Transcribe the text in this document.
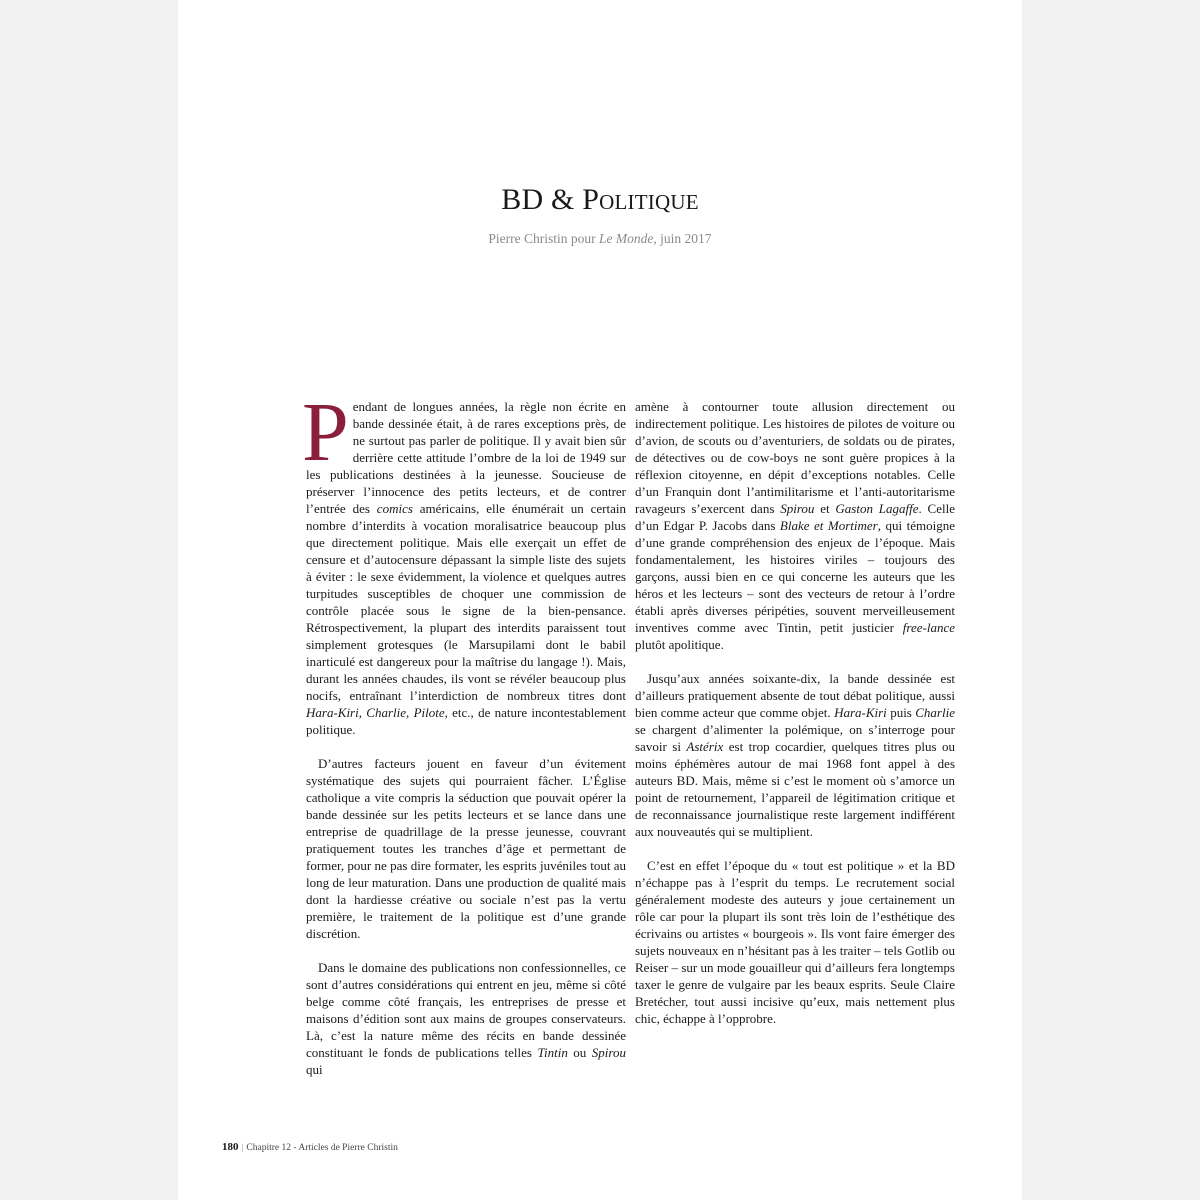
BD & Politique
Pierre Christin pour Le Monde, juin 2017

Pendant de longues années, la règle non écrite en bande dessinée était, à de rares exceptions près, de ne surtout pas parler de politique. Il y avait bien sûr derrière cette attitude l’ombre de la loi de 1949 sur les publications destinées à la jeunesse. Soucieuse de préserver l’innocence des petits lecteurs, et de contrer l’entrée des comics américains, elle énumérait un certain nombre d’interdits à vocation moralisatrice beaucoup plus que directement politique. Mais elle exerçait un effet de censure et d’autocensure dépassant la simple liste des sujets à éviter : le sexe évidemment, la violence et quelques autres turpitudes susceptibles de choquer une commission de contrôle placée sous le signe de la bien-pensance. Rétrospectivement, la plupart des interdits paraissent tout simplement grotesques (le Marsupilami dont le babil inarticulé est dangereux pour la maîtrise du langage !). Mais, durant les années chaudes, ils vont se révéler beaucoup plus nocifs, entraînant l’interdiction de nombreux titres dont Hara-Kiri, Charlie, Pilote, etc., de nature incontestablement politique.

D’autres facteurs jouent en faveur d’un évitement systématique des sujets qui pourraient fâcher. L’Église catholique a vite compris la séduction que pouvait opérer la bande dessinée sur les petits lecteurs et se lance dans une entreprise de quadrillage de la presse jeunesse, couvrant pratiquement toutes les tranches d’âge et permettant de former, pour ne pas dire formater, les esprits juvéniles tout au long de leur maturation. Dans une production de qualité mais dont la hardiesse créative ou sociale n’est pas la vertu première, le traitement de la politique est d’une grande discrétion.

Dans le domaine des publications non confessionnelles, ce sont d’autres considérations qui entrent en jeu, même si côté belge comme côté français, les entreprises de presse et maisons d’édition sont aux mains de groupes conservateurs. Là, c’est la nature même des récits en bande dessinée constituant le fonds de publications telles Tintin ou Spirou qui

amène à contourner toute allusion directement ou indirectement politique. Les histoires de pilotes de voiture ou d’avion, de scouts ou d’aventuriers, de soldats ou de pirates, de détectives ou de cow-boys ne sont guère propices à la réflexion citoyenne, en dépit d’exceptions notables. Celle d’un Franquin dont l’antimilitarisme et l’anti-autoritarisme ravageurs s’exercent dans Spirou et Gaston Lagaffe. Celle d’un Edgar P. Jacobs dans Blake et Mortimer, qui témoigne d’une grande compréhension des enjeux de l’époque. Mais fondamentalement, les histoires viriles – toujours des garçons, aussi bien en ce qui concerne les auteurs que les héros et les lecteurs – sont des vecteurs de retour à l’ordre établi après diverses péripéties, souvent merveilleusement inventives comme avec Tintin, petit justicier free-lance plutôt apolitique.

Jusqu’aux années soixante-dix, la bande dessinée est d’ailleurs pratiquement absente de tout débat politique, aussi bien comme acteur que comme objet. Hara-Kiri puis Charlie se chargent d’alimenter la polémique, on s’interroge pour savoir si Astérix est trop cocardier, quelques titres plus ou moins éphémères autour de mai 1968 font appel à des auteurs BD. Mais, même si c’est le moment où s’amorce un point de retournement, l’appareil de légitimation critique et de reconnaissance journalistique reste largement indifférent aux nouveautés qui se multiplient.

C’est en effet l’époque du « tout est politique » et la BD n’échappe pas à l’esprit du temps. Le recrutement social généralement modeste des auteurs y joue certainement un rôle car pour la plupart ils sont très loin de l’esthétique des écrivains ou artistes « bourgeois ». Ils vont faire émerger des sujets nouveaux en n’hésitant pas à les traiter – tels Gotlib ou Reiser – sur un mode gouailleur qui d’ailleurs fera longtemps taxer le genre de vulgaire par les beaux esprits. Seule Claire Bretécher, tout aussi incisive qu’eux, mais nettement plus chic, échappe à l’opprobre.

180 | Chapitre 12 - Articles de Pierre Christin
